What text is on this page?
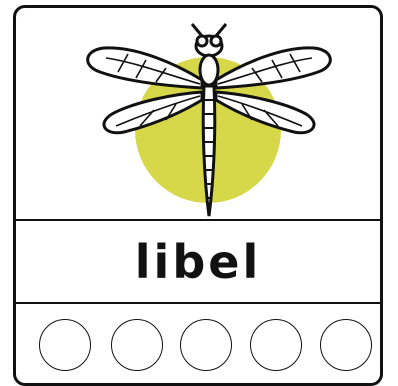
libel
